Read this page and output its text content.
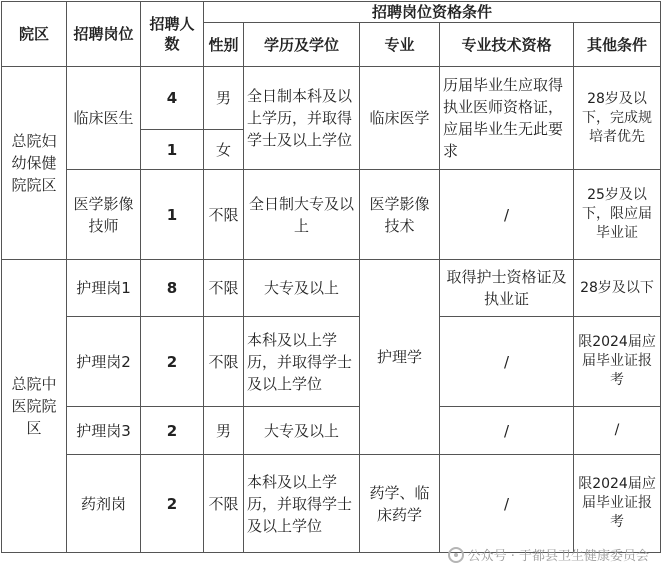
院区	招聘岗位	招聘人数	招聘岗位资格条件				
			性别	学历及学位	专业	专业技术资格	其他条件
总院妇幼保健院院区	临床医生	4	男	全日制本科及以上学历，并取得学士及以上学位	临床医学	历届毕业生应取得执业医师资格证，应届毕业生无此要求	28岁及以下，完成规培者优先
		1	女				
	医学影像技师	1	不限	全日制大专及以上	医学影像技术	/	25岁及以下，限应届毕业证
总院中医院院区	护理岗1	8	不限	大专及以上	护理学	取得护士资格证及执业证	28岁及以下
	护理岗2	2	不限	本科及以上学历，并取得学士及以上学位		/	限2024届应届毕业证报考
	护理岗3	2	男	大专及以上		/	/
	药剂岗	2	不限	本科及以上学历，并取得学士及以上学位	药学、临床药学	/	限2024届应届毕业证报考
公众号 · 于都县卫生健康委员会
